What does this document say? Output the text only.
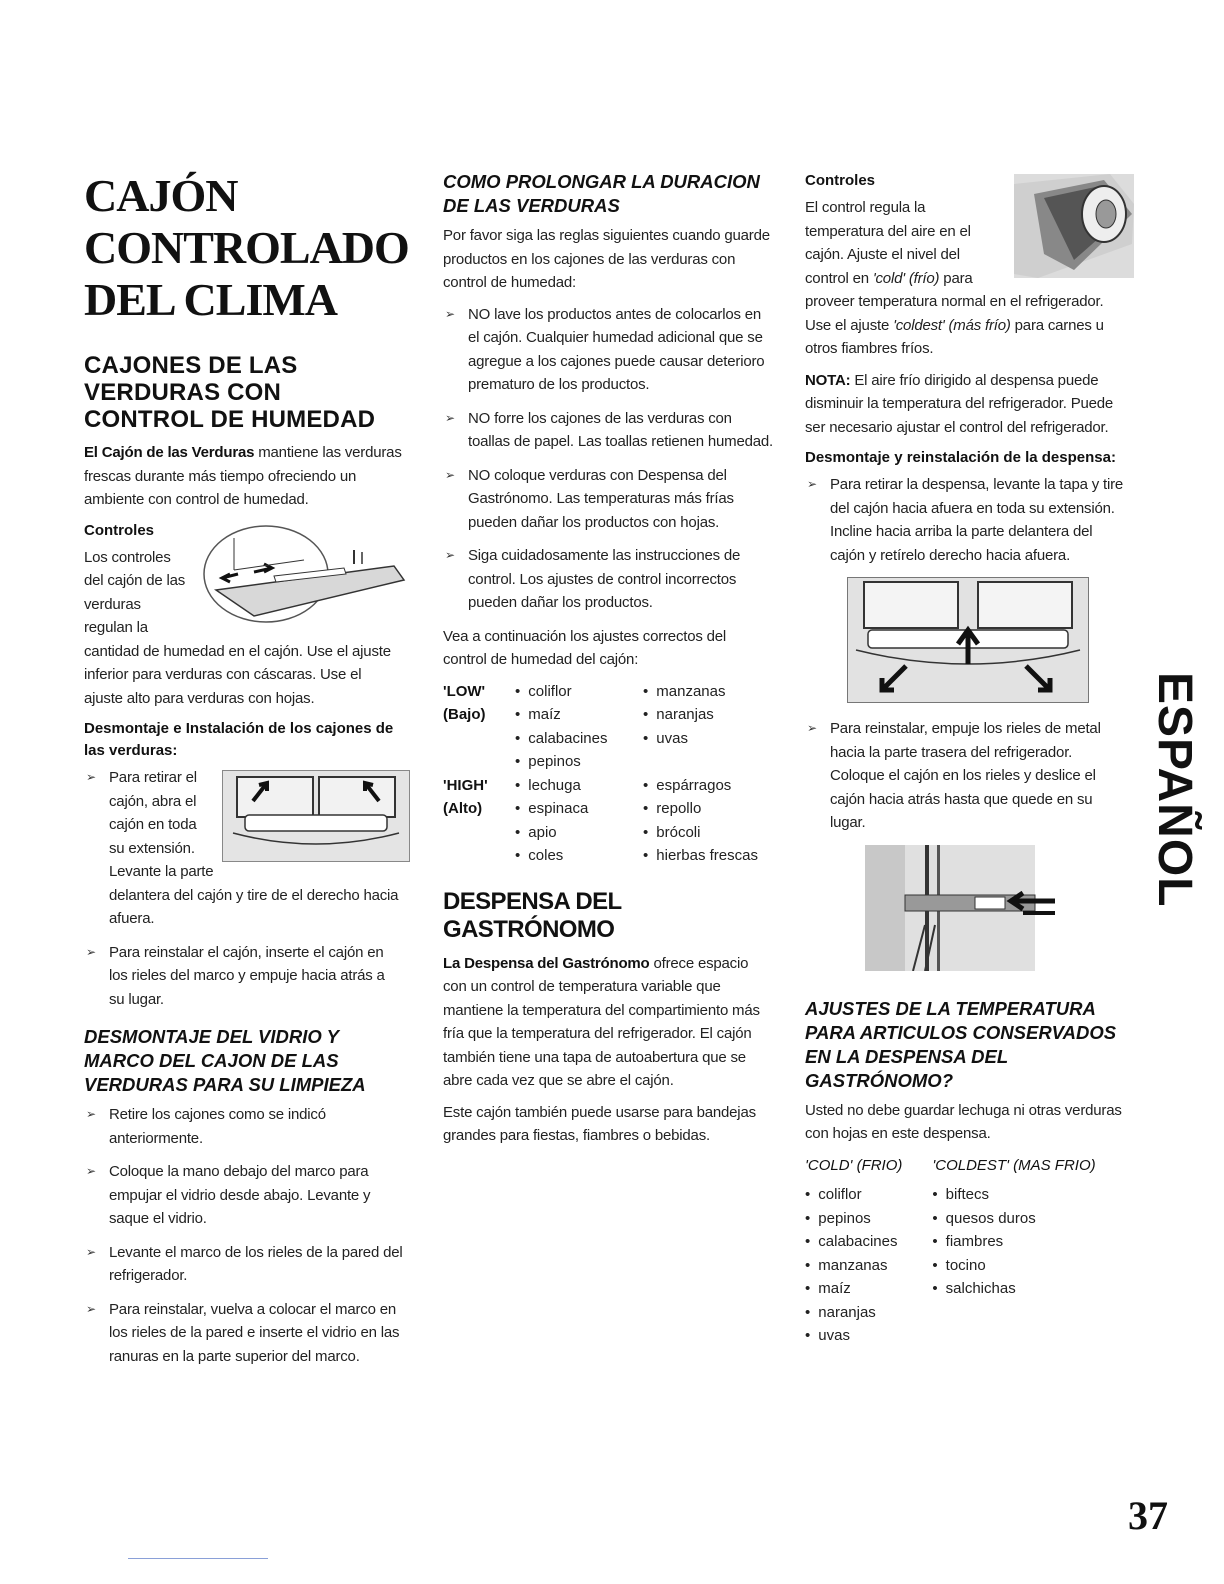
CAJÓN CONTROLADO DEL CLIMA
CAJONES DE LAS VERDURAS CON CONTROL DE HUMEDAD

El Cajón de las Verduras mantiene las verduras frescas durante más tiempo ofreciendo un ambiente con control de humedad.

Controles

Los controles del cajón de las verduras regulan la cantidad de humedad en el cajón. Use el ajuste inferior para verduras con cáscaras. Use el ajuste alto para verduras con hojas.

Desmontaje e Instalación de los cajones de las verduras:
➢ Para retirar el cajón, abra el cajón en toda su extensión. Levante la parte delantera del cajón y tire de el derecho hacia afuera.
➢ Para reinstalar el cajón, inserte el cajón en los rieles del marco y empuje hacia atrás a su lugar.
DESMONTAJE DEL VIDRIO Y MARCO DEL CAJON DE LAS VERDURAS PARA SU LIMPIEZA
➢ Retire los cajones como se indicó anteriormente.
➢ Coloque la mano debajo del marco para empujar el vidrio desde abajo. Levante y saque el vidrio.
➢ Levante el marco de los rieles de la pared del refrigerador.
➢ Para reinstalar, vuelva a colocar el marco en los rieles de la pared e inserte el vidrio en las ranuras en la parte superior del marco.
COMO PROLONGAR LA DURACION DE LAS VERDURAS

Por favor siga las reglas siguientes cuando guarde productos en los cajones de las verduras con control de humedad:

➢ NO lave los productos antes de colocarlos en el cajón. Cualquier humedad adicional que se agregue a los cajones puede causar deterioro prematuro de los productos.
➢ NO forre los cajones de las verduras con toallas de papel. Las toallas retienen humedad.
➢ NO coloque verduras con Despensa del Gastrónomo. Las temperaturas más frías pueden dañar los productos con hojas.
➢ Siga cuidadosamente las instrucciones de control. Los ajustes de control incorrectos pueden dañar los productos.

Vea a continuación los ajustes correctos del control de humedad del cajón:

'LOW'	• coliflor	• manzanas
(Bajo)	• maíz	• naranjas
	• calabacines	• uvas
	• pepinos	
'HIGH'	• lechuga	• espárragos
(Alto)	• espinaca	• repollo
	• apio	• brócoli
	• coles	• hierbas frescas
DESPENSA DEL GASTRÓNOMO

La Despensa del Gastrónomo ofrece espacio con un control de temperatura variable que mantiene la temperatura del compartimiento más fría que la temperatura del refrigerador. El cajón también tiene una tapa de autoabertura que se abre cada vez que se abre el cajón.

Este cajón también puede usarse para bandejas grandes para fiestas, fiambres o bebidas.

Controles

El control regula la temperatura del aire en el cajón. Ajuste el nivel del control en 'cold' (frío) para proveer temperatura normal en el refrigerador. Use el ajuste 'coldest' (más frío) para carnes u otros fiambres fríos.

NOTA: El aire frío dirigido al despensa puede disminuir la temperatura del refrigerador. Puede ser necesario ajustar el control del refrigerador.

Desmontaje y reinstalación de la despensa:
➢ Para retirar la despensa, levante la tapa y tire del cajón hacia afuera en toda su extensión. Incline hacia arriba la parte delantera del cajón y retírelo derecho hacia afuera.
➢ Para reinstalar, empuje los rieles de metal hacia la parte trasera del refrigerador. Coloque el cajón en los rieles y deslice el cajón hacia atrás hasta que quede en su lugar.
AJUSTES DE LA TEMPERATURA PARA ARTICULOS CONSERVADOS EN LA DESPENSA DEL GASTRÓNOMO?

Usted no debe guardar lechuga ni otras verduras con hojas en este despensa.

'COLD' (FRIO)
• coliflor
• pepinos
• calabacines
• manzanas
• maíz
• naranjas
• uvas
'COLDEST' (MAS FRIO)
• biftecs
• quesos duros
• fiambres
• tocino
• salchichas
ESPAÑOL
37
